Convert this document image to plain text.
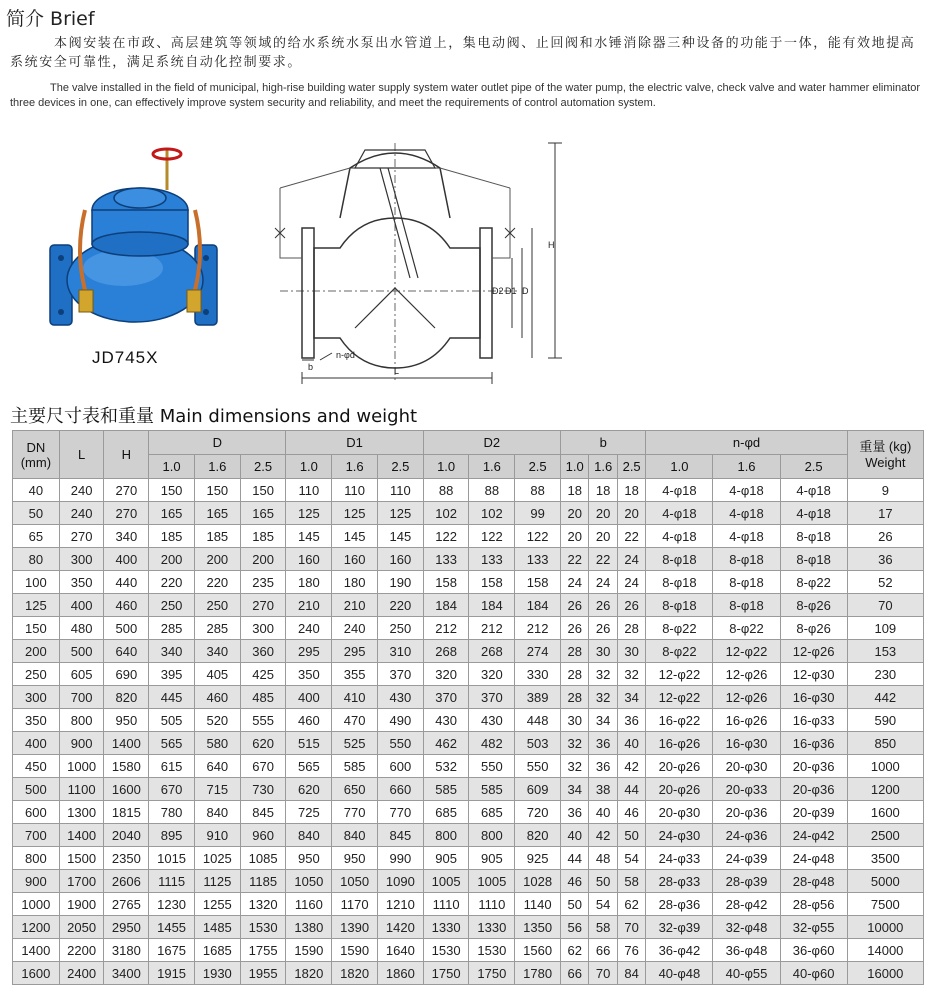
简介 Brief
本阀安装在市政、高层建筑等领域的给水系统水泵出水管道上，集电动阀、止回阀和水锤消除器三种设备的功能于一体，能有效地提高系统安全可靠性，满足系统自动化控制要求。
The valve installed in the field of municipal, high-rise building water supply system water outlet pipe of the water pump, the electric valve, check valve and water hammer eliminator three devices in one, can effectively improve system security and reliability, and meet the requirements of control automation system.
JD745X
H
D
D1
D2
L
n-φd
b
主要尺寸表和重量 Main dimensions and weight
DN (mm)	L	H	D			D1			D2			b			n-φd			重量 (kg) Weight
			1.0	1.6	2.5	1.0	1.6	2.5	1.0	1.6	2.5	1.0	1.6	2.5	1.0	1.6	2.5	
40	240	270	150	150	150	110	110	110	88	88	88	18	18	18	4-φ18	4-φ18	4-φ18	9
50	240	270	165	165	165	125	125	125	102	102	99	20	20	20	4-φ18	4-φ18	4-φ18	17
65	270	340	185	185	185	145	145	145	122	122	122	20	20	22	4-φ18	4-φ18	8-φ18	26
80	300	400	200	200	200	160	160	160	133	133	133	22	22	24	8-φ18	8-φ18	8-φ18	36
100	350	440	220	220	235	180	180	190	158	158	158	24	24	24	8-φ18	8-φ18	8-φ22	52
125	400	460	250	250	270	210	210	220	184	184	184	26	26	26	8-φ18	8-φ18	8-φ26	70
150	480	500	285	285	300	240	240	250	212	212	212	26	26	28	8-φ22	8-φ22	8-φ26	109
200	500	640	340	340	360	295	295	310	268	268	274	28	30	30	8-φ22	12-φ22	12-φ26	153
250	605	690	395	405	425	350	355	370	320	320	330	28	32	32	12-φ22	12-φ26	12-φ30	230
300	700	820	445	460	485	400	410	430	370	370	389	28	32	34	12-φ22	12-φ26	16-φ30	442
350	800	950	505	520	555	460	470	490	430	430	448	30	34	36	16-φ22	16-φ26	16-φ33	590
400	900	1400	565	580	620	515	525	550	462	482	503	32	36	40	16-φ26	16-φ30	16-φ36	850
450	1000	1580	615	640	670	565	585	600	532	550	550	32	36	42	20-φ26	20-φ30	20-φ36	1000
500	1100	1600	670	715	730	620	650	660	585	585	609	34	38	44	20-φ26	20-φ33	20-φ36	1200
600	1300	1815	780	840	845	725	770	770	685	685	720	36	40	46	20-φ30	20-φ36	20-φ39	1600
700	1400	2040	895	910	960	840	840	845	800	800	820	40	42	50	24-φ30	24-φ36	24-φ42	2500
800	1500	2350	1015	1025	1085	950	950	990	905	905	925	44	48	54	24-φ33	24-φ39	24-φ48	3500
900	1700	2606	1115	1125	1185	1050	1050	1090	1005	1005	1028	46	50	58	28-φ33	28-φ39	28-φ48	5000
1000	1900	2765	1230	1255	1320	1160	1170	1210	1110	1110	1140	50	54	62	28-φ36	28-φ42	28-φ56	7500
1200	2050	2950	1455	1485	1530	1380	1390	1420	1330	1330	1350	56	58	70	32-φ39	32-φ48	32-φ55	10000
1400	2200	3180	1675	1685	1755	1590	1590	1640	1530	1530	1560	62	66	76	36-φ42	36-φ48	36-φ60	14000
1600	2400	3400	1915	1930	1955	1820	1820	1860	1750	1750	1780	66	70	84	40-φ48	40-φ55	40-φ60	16000
